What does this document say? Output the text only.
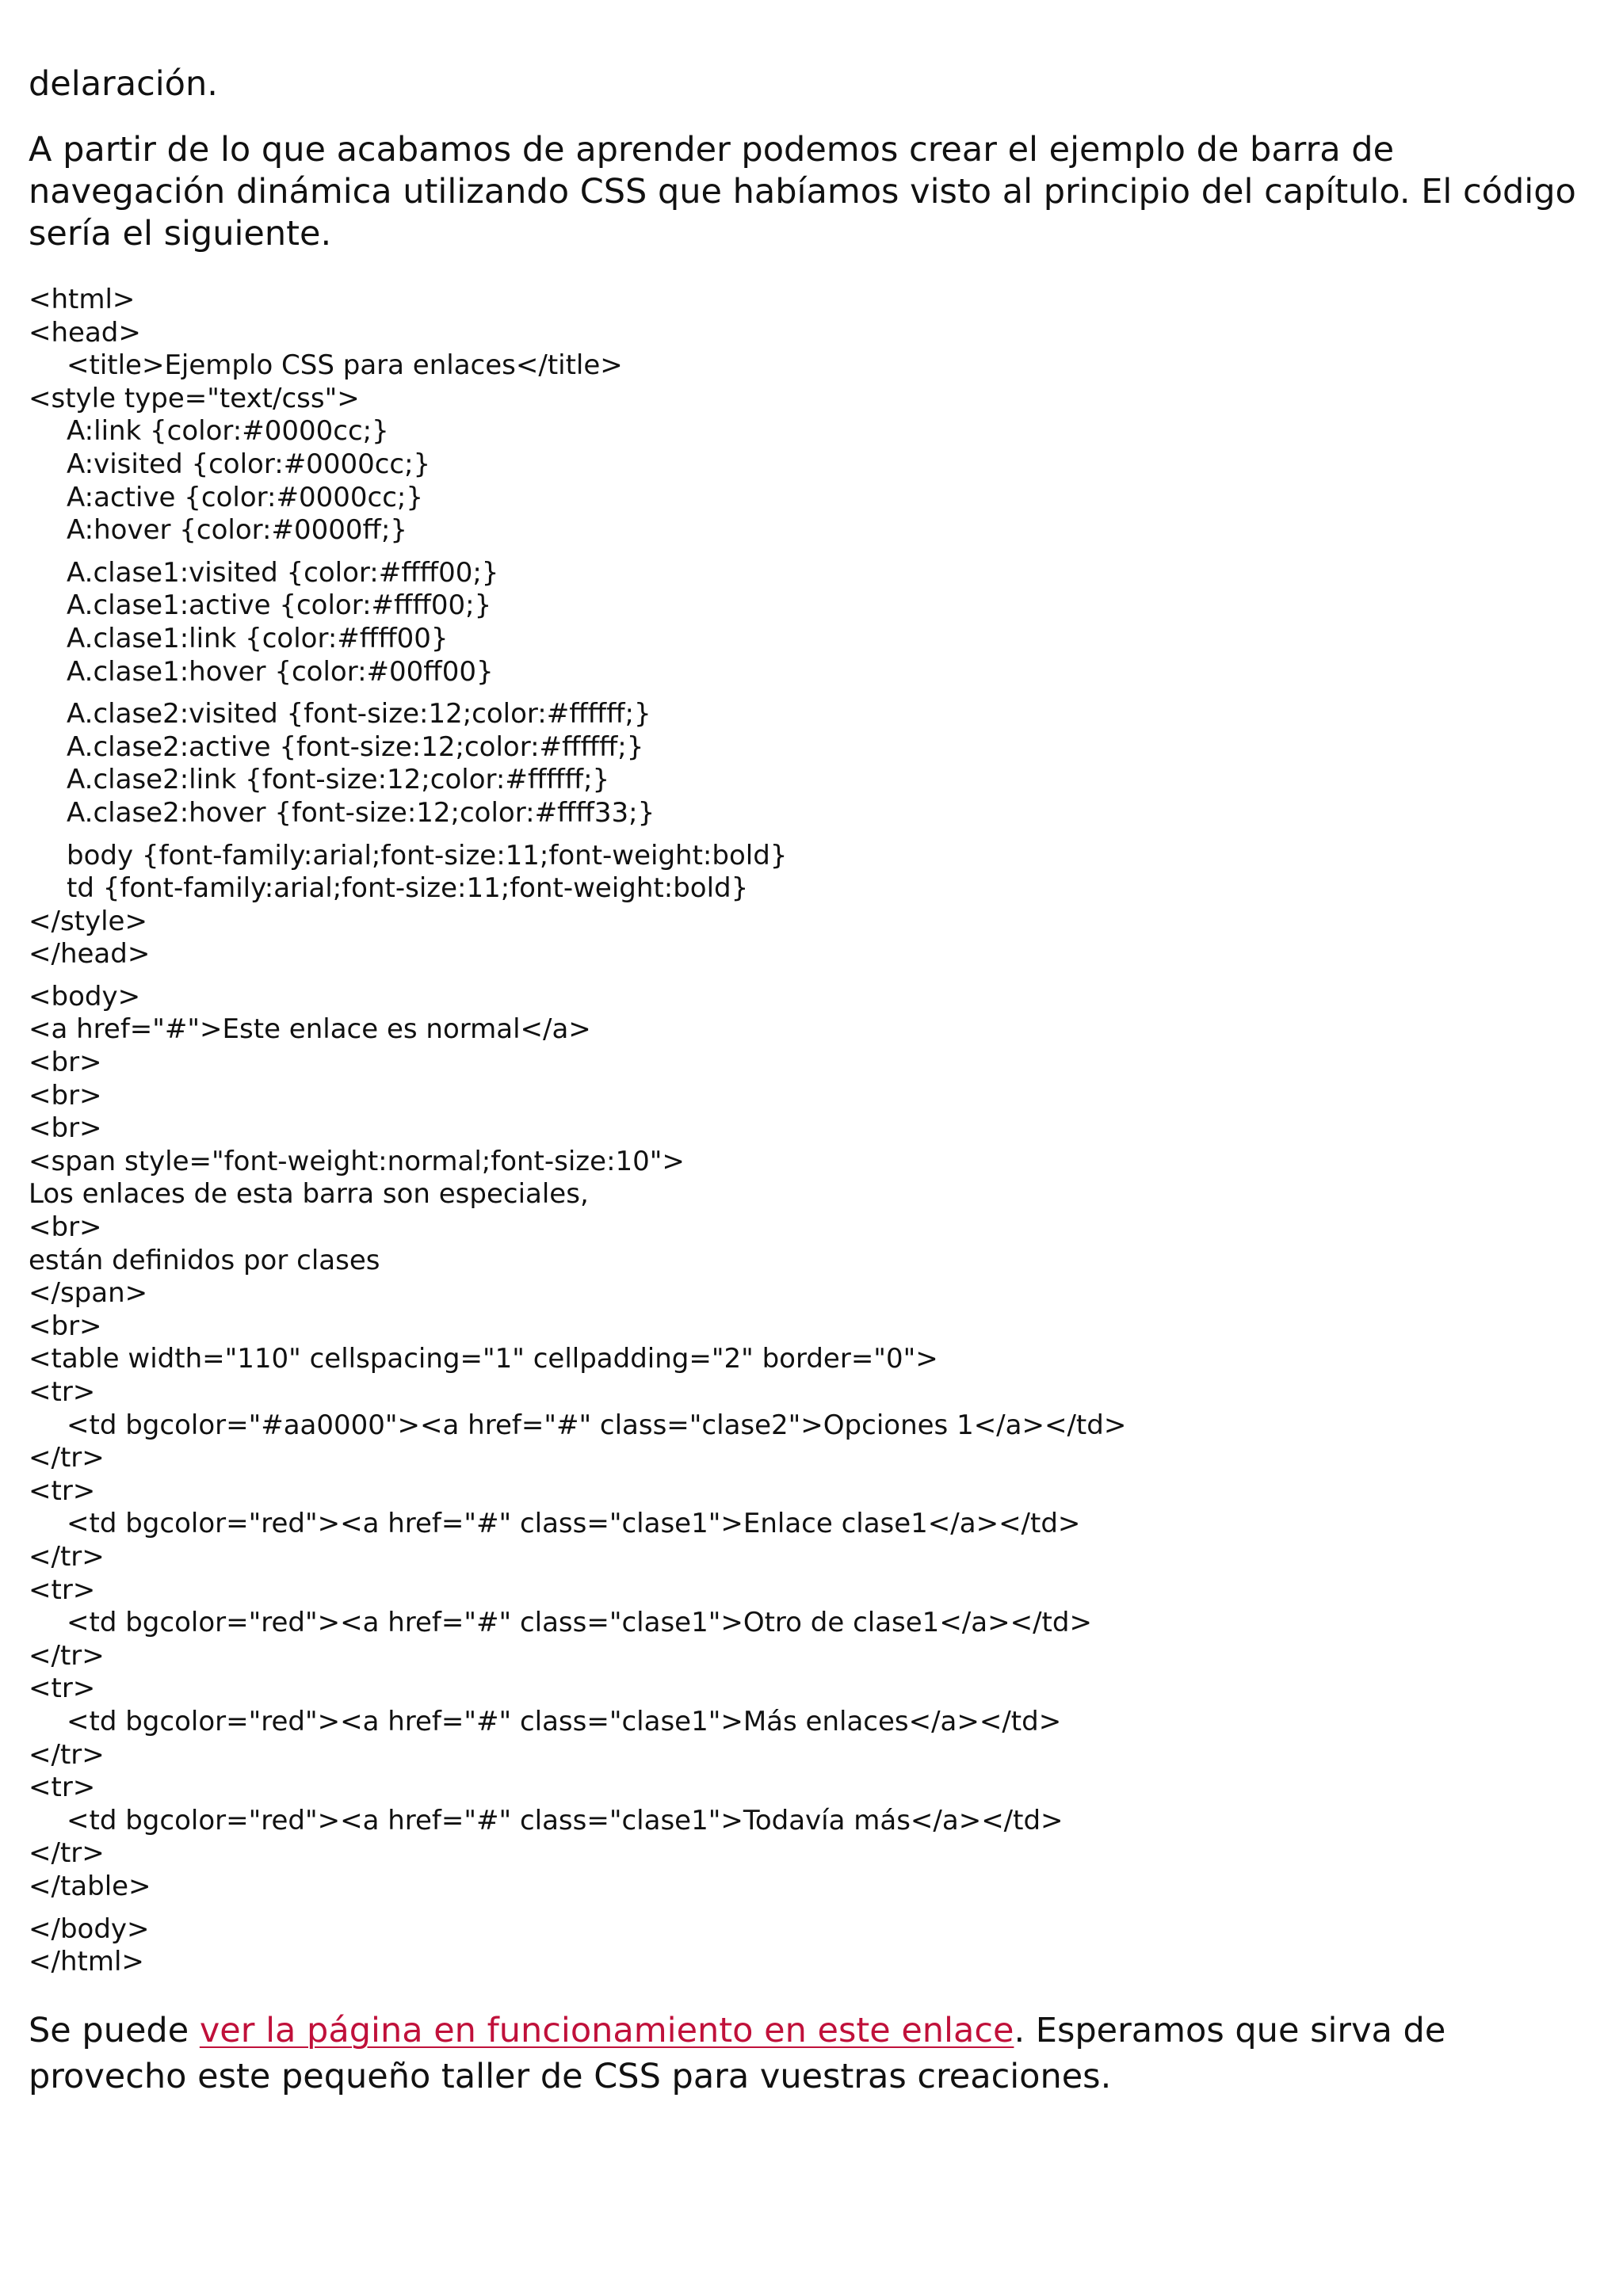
delaración.

A partir de lo que acabamos de aprender podemos crear el ejemplo de barra de navegación dinámica utilizando CSS que habíamos visto al principio del capítulo. El código sería el siguiente.

<html>
<head>
<title>Ejemplo CSS para enlaces</title>
<style type="text/css">
A:link {color:#0000cc;}
A:visited {color:#0000cc;}
A:active {color:#0000cc;}
A:hover {color:#0000ff;}
A.clase1:visited {color:#ffff00;}
A.clase1:active {color:#ffff00;}
A.clase1:link {color:#ffff00}
A.clase1:hover {color:#00ff00}
A.clase2:visited {font-size:12;color:#ffffff;}
A.clase2:active {font-size:12;color:#ffffff;}
A.clase2:link {font-size:12;color:#ffffff;}
A.clase2:hover {font-size:12;color:#ffff33;}
body {font-family:arial;font-size:11;font-weight:bold}
td {font-family:arial;font-size:11;font-weight:bold}
</style>
</head>
<body>
<a href="#">Este enlace es normal</a>
<br>
<br>
<br>
<span style="font-weight:normal;font-size:10">
Los enlaces de esta barra son especiales,
<br>
están definidos por clases
</span>
<br>
<table width="110" cellspacing="1" cellpadding="2" border="0">
<tr>
<td bgcolor="#aa0000"><a href="#" class="clase2">Opciones 1</a></td>
</tr>
<tr>
<td bgcolor="red"><a href="#" class="clase1">Enlace clase1</a></td>
</tr>
<tr>
<td bgcolor="red"><a href="#" class="clase1">Otro de clase1</a></td>
</tr>
<tr>
<td bgcolor="red"><a href="#" class="clase1">Más enlaces</a></td>
</tr>
<tr>
<td bgcolor="red"><a href="#" class="clase1">Todavía más</a></td>
</tr>
</table>
</body>
</html>

Se puede ver la página en funcionamiento en este enlace. Esperamos que sirva de provecho este pequeño taller de CSS para vuestras creaciones.
